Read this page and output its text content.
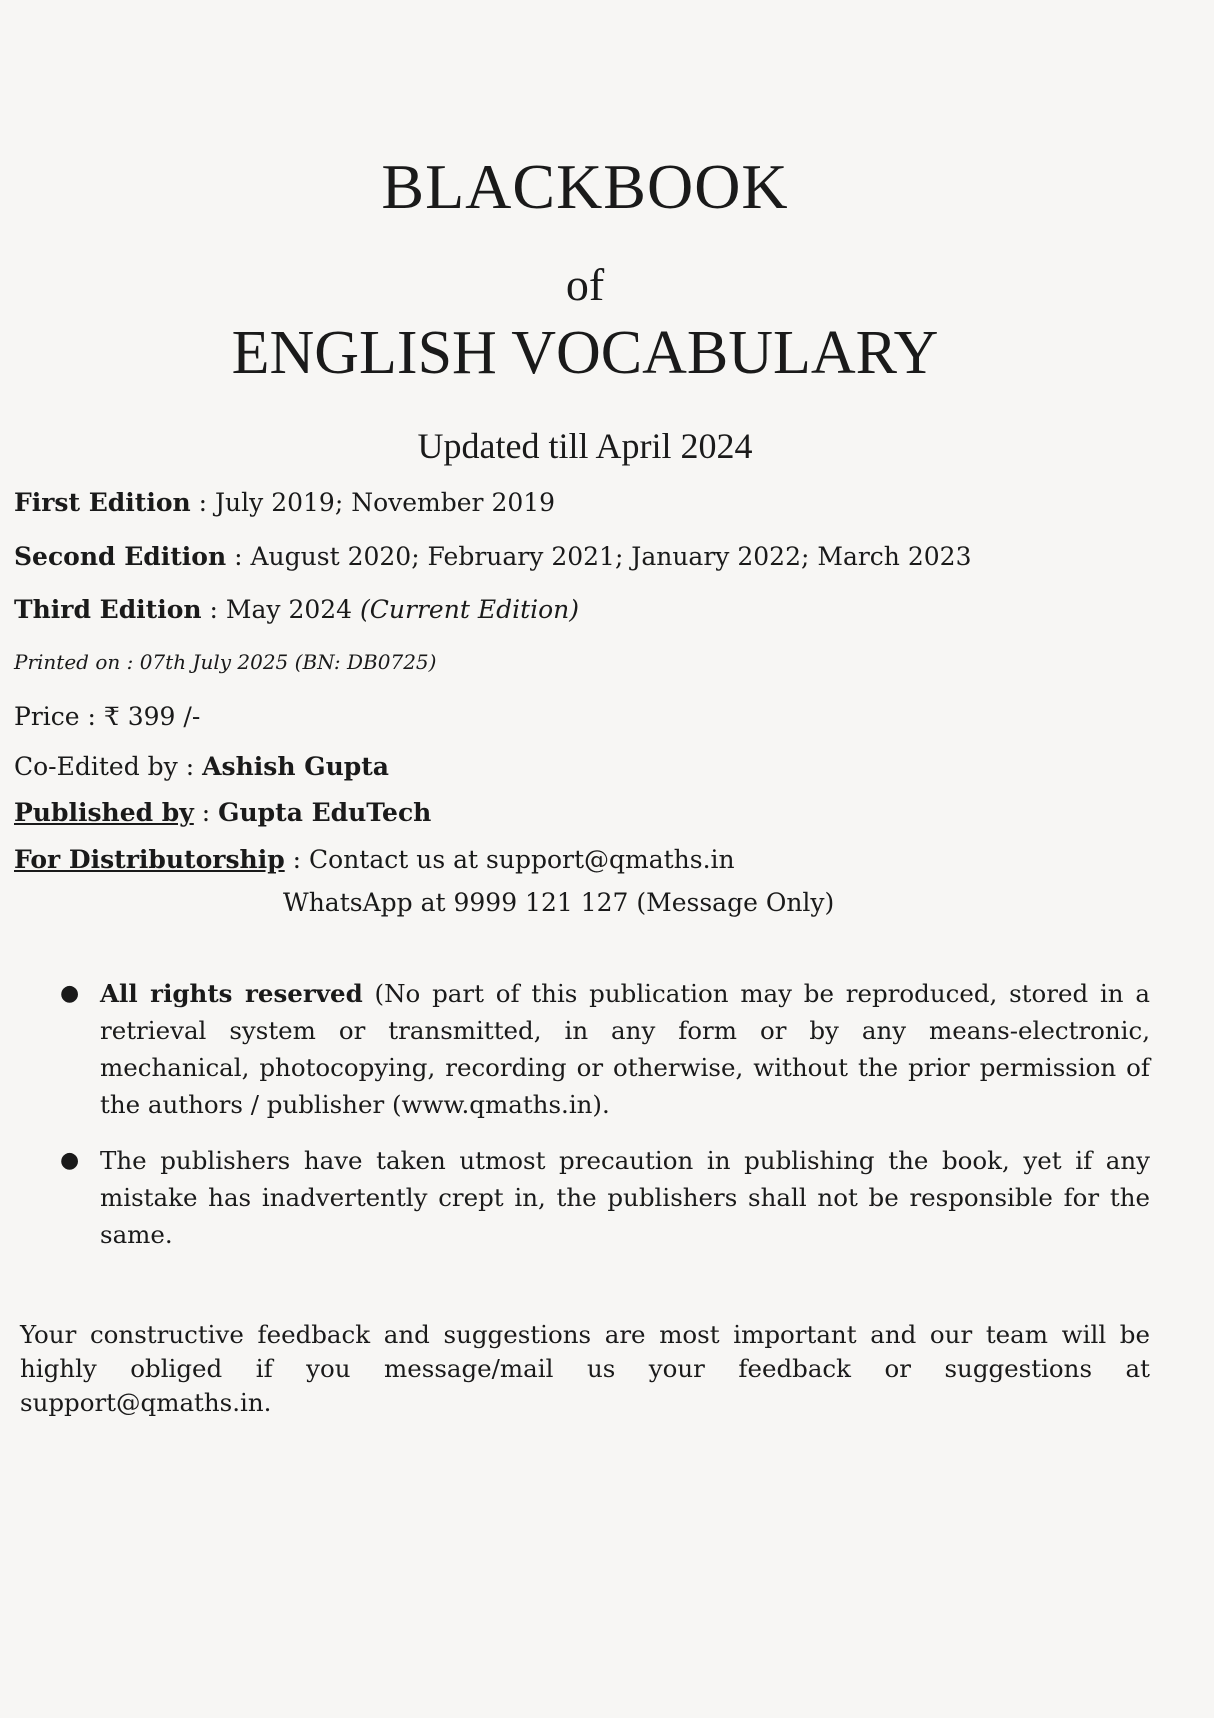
BLACKBOOK
of
ENGLISH VOCABULARY
Updated till April 2024
First Edition : July 2019; November 2019
Second Edition : August 2020; February 2021; January 2022; March 2023
Third Edition : May 2024 (Current Edition)
Printed on : 07th July 2025 (BN: DB0725)
Price : ₹ 399 /-
Co-Edited by : Ashish Gupta
Published by : Gupta EduTech
For Distributorship : Contact us at support@qmaths.in
WhatsApp at 9999 121 127 (Message Only)
● All rights reserved (No part of this publication may be reproduced, stored in a retrieval system or transmitted, in any form or by any means-electronic, mechanical, photocopying, recording or otherwise, without the prior permission of the authors / publisher (www.qmaths.in).
● The publishers have taken utmost precaution in publishing the book, yet if any mistake has inadvertently crept in, the publishers shall not be responsible for the same.
Your constructive feedback and suggestions are most important and our team will be highly obliged if you message/mail us your feedback or suggestions at support@qmaths.in.
